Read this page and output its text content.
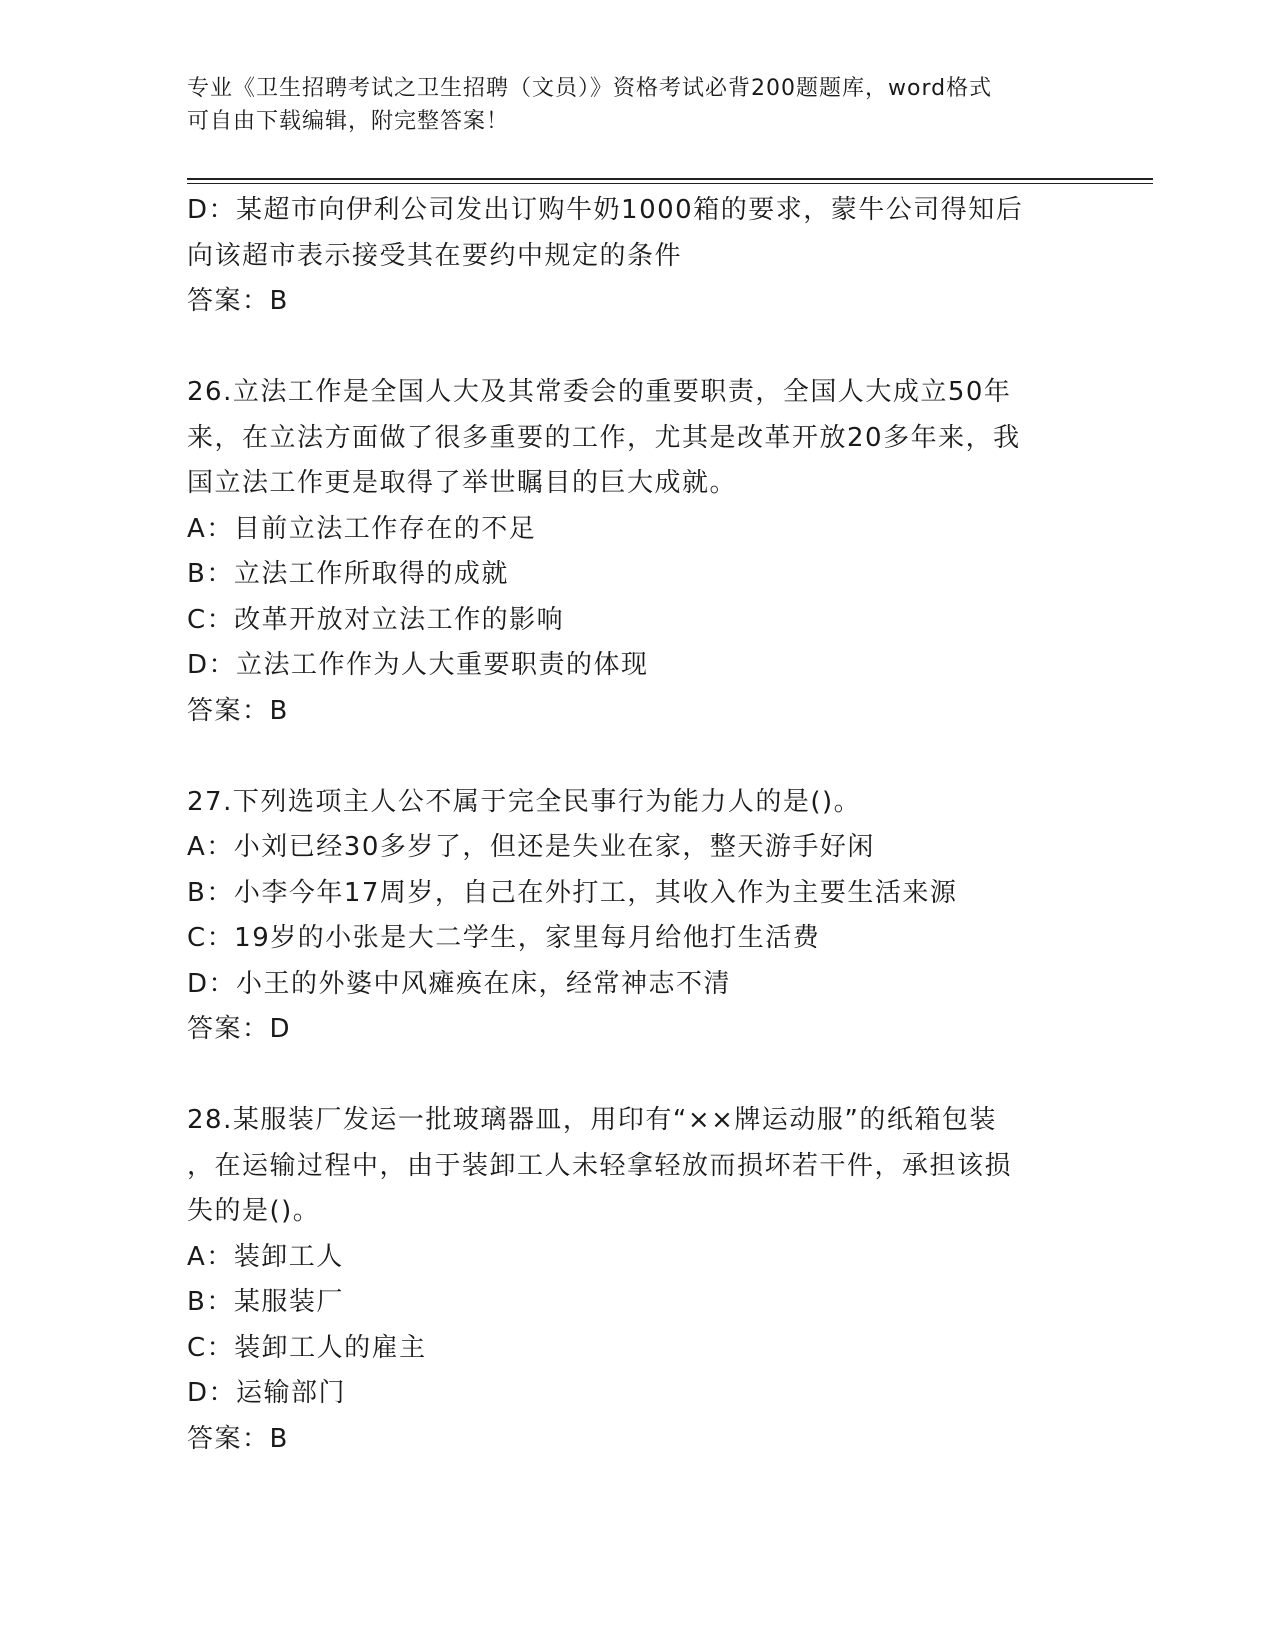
专业《卫生招聘考试之卫生招聘（文员）》资格考试必背200题题库，word格式
可自由下载编辑，附完整答案！
D：某超市向伊利公司发出订购牛奶1000箱的要求，蒙牛公司得知后
向该超市表示接受其在要约中规定的条件
答案：B
26.立法工作是全国人大及其常委会的重要职责，全国人大成立50年
来，在立法方面做了很多重要的工作，尤其是改革开放20多年来，我
国立法工作更是取得了举世瞩目的巨大成就。
A：目前立法工作存在的不足
B：立法工作所取得的成就
C：改革开放对立法工作的影响
D：立法工作作为人大重要职责的体现
答案：B
27.下列选项主人公不属于完全民事行为能力人的是()。
A：小刘已经30多岁了，但还是失业在家，整天游手好闲
B：小李今年17周岁，自己在外打工，其收入作为主要生活来源
C：19岁的小张是大二学生，家里每月给他打生活费
D：小王的外婆中风瘫痪在床，经常神志不清
答案：D
28.某服装厂发运一批玻璃器皿，用印有“××牌运动服”的纸箱包装
，在运输过程中，由于装卸工人未轻拿轻放而损坏若干件，承担该损
失的是()。
A：装卸工人
B：某服装厂
C：装卸工人的雇主
D：运输部门
答案：B
